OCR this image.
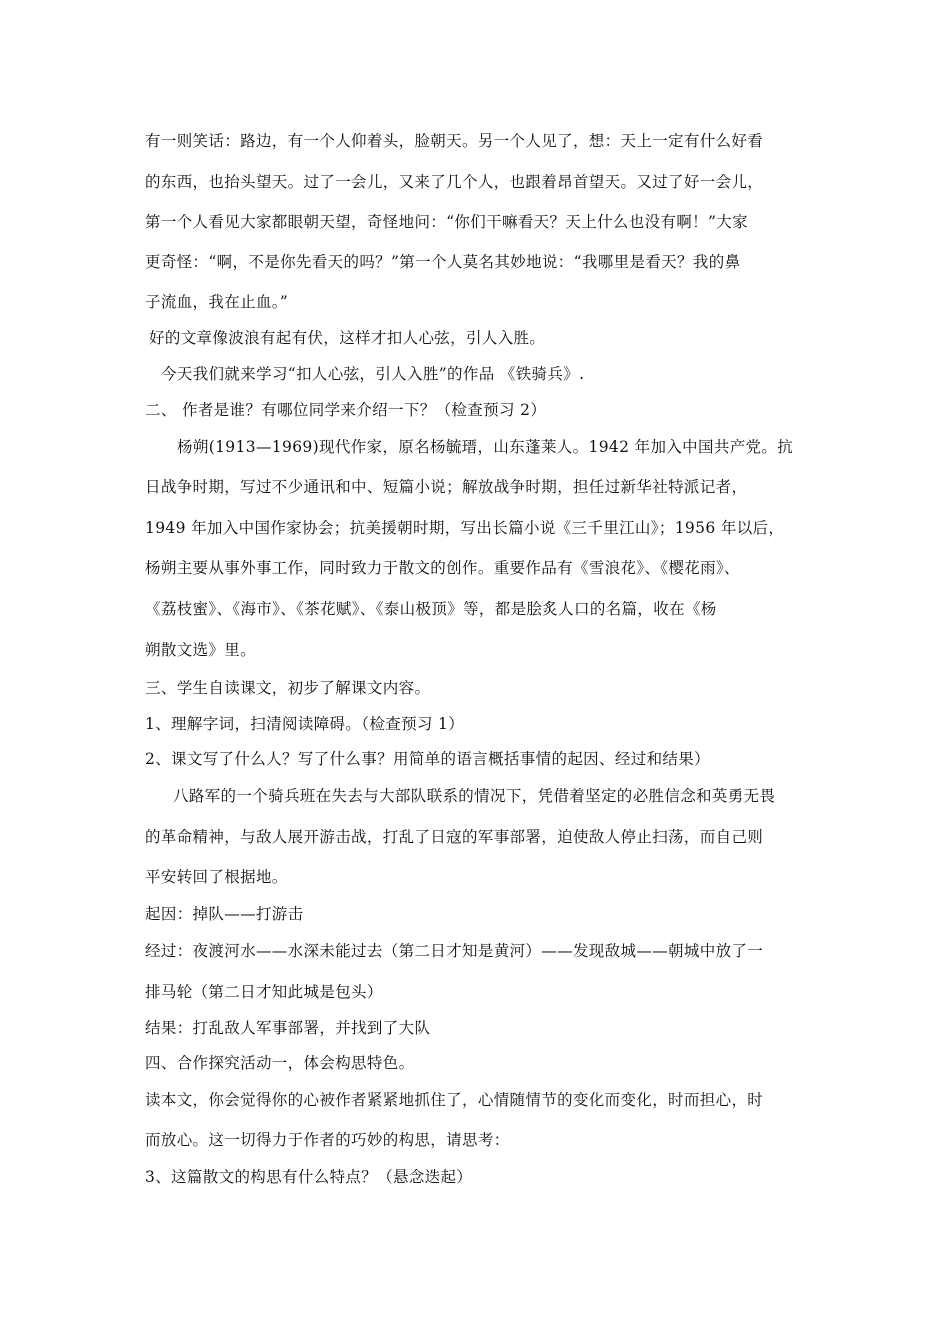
有一则笑话：路边，有一个人仰着头，脸朝天。另一个人见了，想：天上一定有什么好看
的东西，也抬头望天。过了一会儿，又来了几个人，也跟着昂首望天。又过了好一会儿，
第一个人看见大家都眼朝天望，奇怪地问：“你们干嘛看天？天上什么也没有啊！”大家
更奇怪：“啊，不是你先看天的吗？”第一个人莫名其妙地说：“我哪里是看天？我的鼻
子流血，我在止血。”
好的文章像波浪有起有伏，这样才扣人心弦，引人入胜。
今天我们就来学习“扣人心弦，引人入胜”的作品 《铁骑兵》.
二、 作者是谁？有哪位同学来介绍一下？（检查预习 2）
杨朔(1913—1969)现代作家，原名杨毓瑨，山东蓬莱人。1942 年加入中国共产党。抗
日战争时期，写过不少通讯和中、短篇小说；解放战争时期，担任过新华社特派记者，
1949 年加入中国作家协会；抗美援朝时期，写出长篇小说《三千里江山》；1956 年以后，
杨朔主要从事外事工作，同时致力于散文的创作。重要作品有《雪浪花》、《樱花雨》、
《荔枝蜜》、《海市》、《茶花赋》、《泰山极顶》等，都是脍炙人口的名篇，收在《杨
朔散文选》里。
三、学生自读课文，初步了解课文内容。
1、理解字词，扫清阅读障碍。（检查预习 1）
2、课文写了什么人？写了什么事？用简单的语言概括事情的起因、经过和结果）
八路军的一个骑兵班在失去与大部队联系的情况下，凭借着坚定的必胜信念和英勇无畏
的革命精神，与敌人展开游击战，打乱了日寇的军事部署，迫使敌人停止扫荡，而自己则
平安转回了根据地。
起因：掉队——打游击
经过：夜渡河水——水深未能过去（第二日才知是黄河）——发现敌城——朝城中放了一
排马轮（第二日才知此城是包头）
结果：打乱敌人军事部署，并找到了大队
四、合作探究活动一，体会构思特色。
读本文，你会觉得你的心被作者紧紧地抓住了，心情随情节的变化而变化，时而担心，时
而放心。这一切得力于作者的巧妙的构思，请思考：
3、这篇散文的构思有什么特点？（悬念迭起）
